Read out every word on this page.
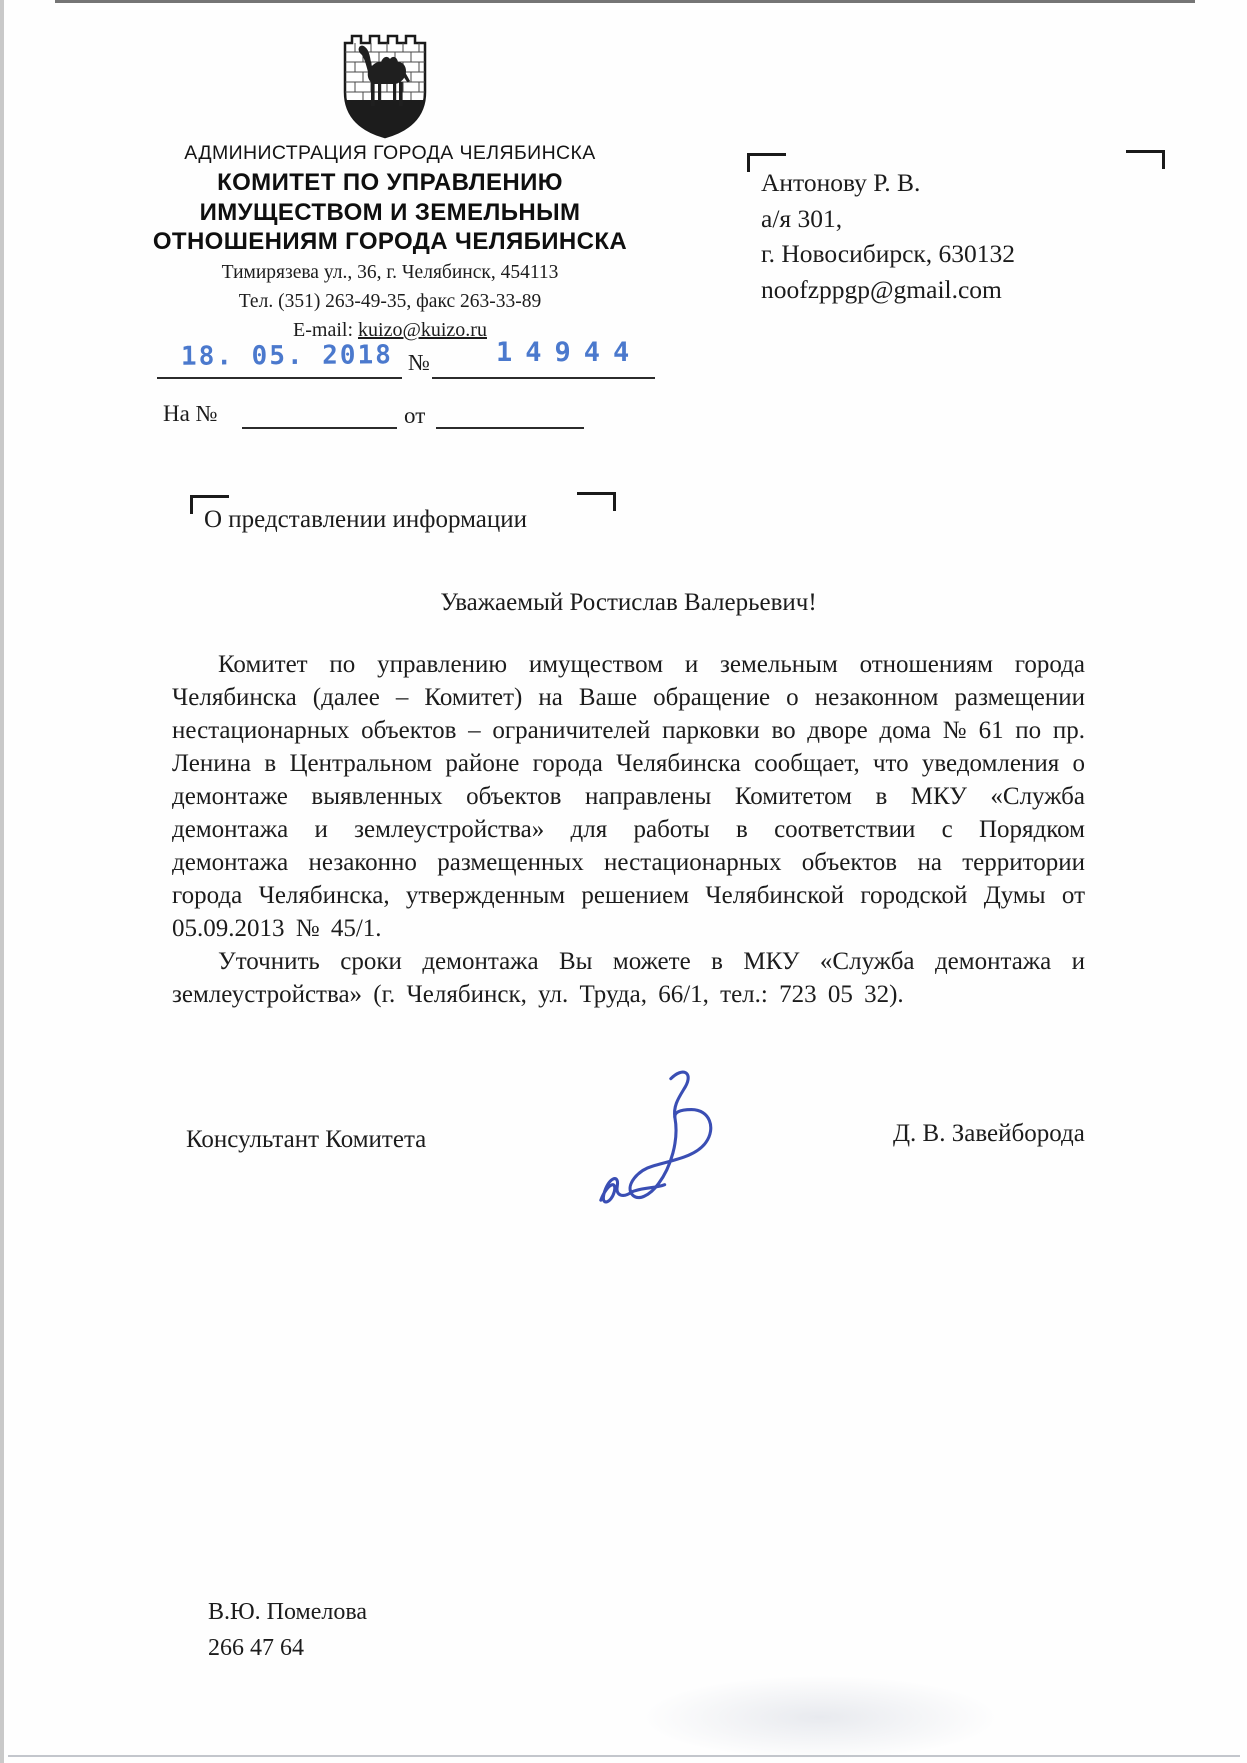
АДМИНИСТРАЦИЯ ГОРОДА ЧЕЛЯБИНСКА
КОМИТЕТ ПО УПРАВЛЕНИЮ
ИМУЩЕСТВОМ И ЗЕМЕЛЬНЫМ
ОТНОШЕНИЯМ ГОРОДА ЧЕЛЯБИНСКА
Тимирязева ул., 36, г. Челябинск, 454113
Тел. (351) 263-49-35, факс 263-33-89
E-mail: kuizo@kuizo.ru
18. 05. 2018 № 14944
На №	от
Антонову Р. В.
а/я 301,
г. Новосибирск, 630132
noofzppgp@gmail.com
О представлении информации
Уважаемый Ростислав Валерьевич!

Комитет по управлению имуществом и земельным отношениям города Челябинска (далее – Комитет) на Ваше обращение о незаконном размещении нестационарных объектов – ограничителей парковки во дворе дома № 61 по пр. Ленина в Центральном районе города Челябинска сообщает, что уведомления о демонтаже выявленных объектов направлены Комитетом в МКУ «Служба демонтажа и землеустройства» для работы в соответствии с Порядком демонтажа незаконно размещенных нестационарных объектов на территории города Челябинска, утвержденным решением Челябинской городской Думы от 05.09.2013 № 45/1.

Уточнить сроки демонтажа Вы можете в МКУ «Служба демонтажа и землеустройства» (г. Челябинск, ул. Труда, 66/1, тел.: 723 05 32).

Консультант Комитета	Д. В. Завейборода
В.Ю. Помелова
266 47 64
